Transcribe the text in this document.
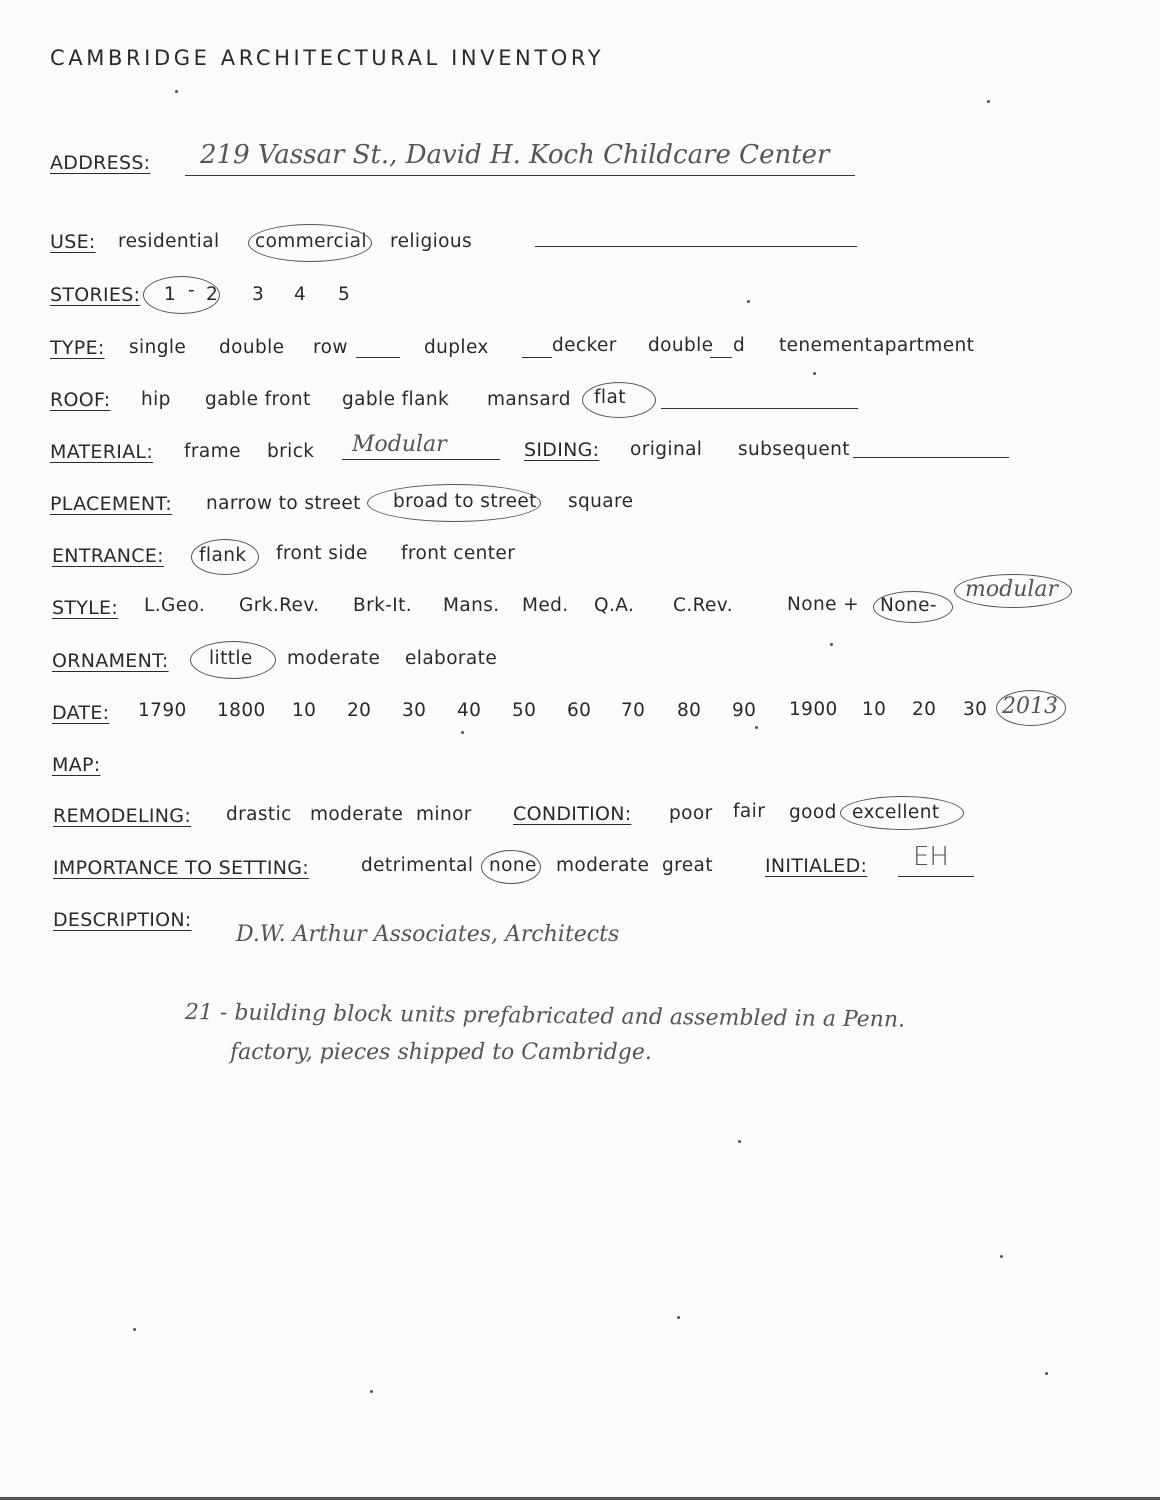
CAMBRIDGE ARCHITECTURAL INVENTORY
ADDRESS: 219 Vassar St., David H. Koch Childcare Center
USE: residential commercial religious
STORIES: 1 - 2 3 4 5
TYPE: single double row	duplex	decker double d tenement apartment
ROOF: hip gable front gable flank mansard flat
MATERIAL: frame brick Modular	SIDING: original subsequent
PLACEMENT: narrow to street broad to street square
ENTRANCE: flank front side front center
STYLE: L.Geo. Grk.Rev. Brk-It. Mans. Med. Q.A. C.Rev.	None + None-
modular
ORNAMENT: little moderate elaborate
DATE: 1790 1800 10 20 30 40 50 60 70 80 90 1900 10 20 30 2013
MAP:
REMODELING: drastic moderate minor CONDITION: poor fair good excellent
IMPORTANCE TO SETTING:	detrimental none moderate great	INITIALED: EH
DESCRIPTION:
D.W. Arthur Associates, Architects
21 - building block units prefabricated and assembled in a Penn.
factory, pieces shipped to Cambridge.
